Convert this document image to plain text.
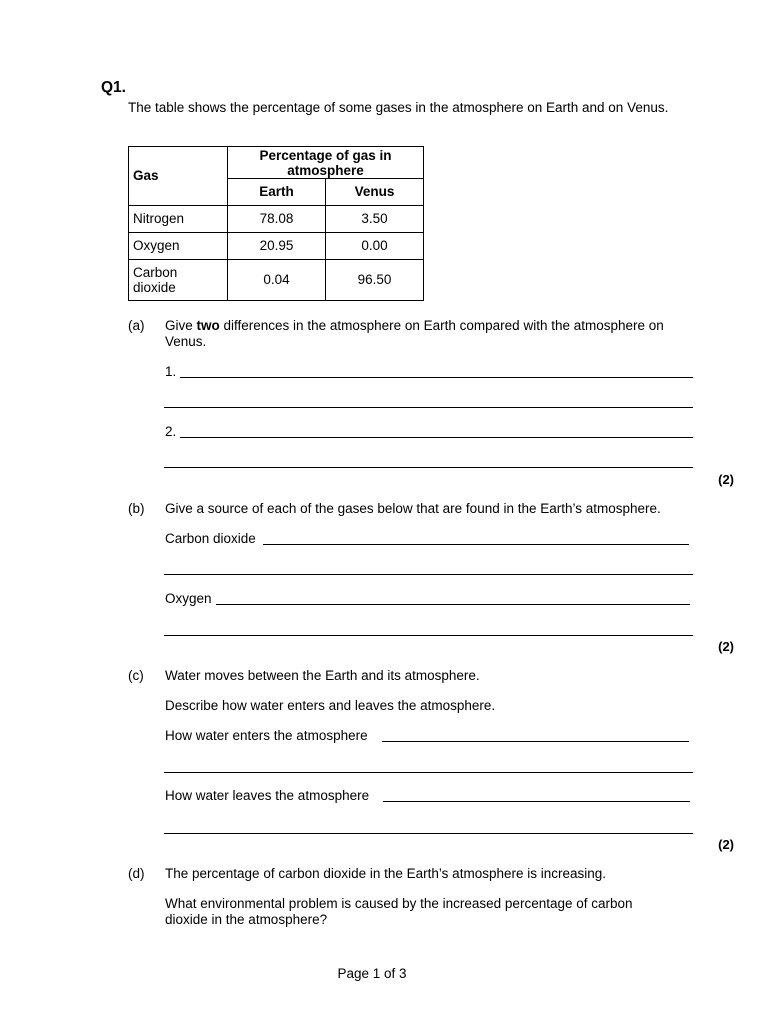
Q1.
The table shows the percentage of some gases in the atmosphere on Earth and on Venus.
Gas	Percentage of gas in atmosphere	
	Earth	Venus
Nitrogen	78.08	3.50
Oxygen	20.95	0.00
Carbon dioxide	0.04	96.50
(a) Give two differences in the atmosphere on Earth compared with the atmosphere on Venus.
1.
2.
(2)
(b) Give a source of each of the gases below that are found in the Earth’s atmosphere.
Carbon dioxide
Oxygen
(2)
(c) Water moves between the Earth and its atmosphere.
Describe how water enters and leaves the atmosphere.
How water enters the atmosphere
How water leaves the atmosphere
(2)
(d) The percentage of carbon dioxide in the Earth’s atmosphere is increasing.
What environmental problem is caused by the increased percentage of carbon dioxide in the atmosphere?
Page 1 of 3
